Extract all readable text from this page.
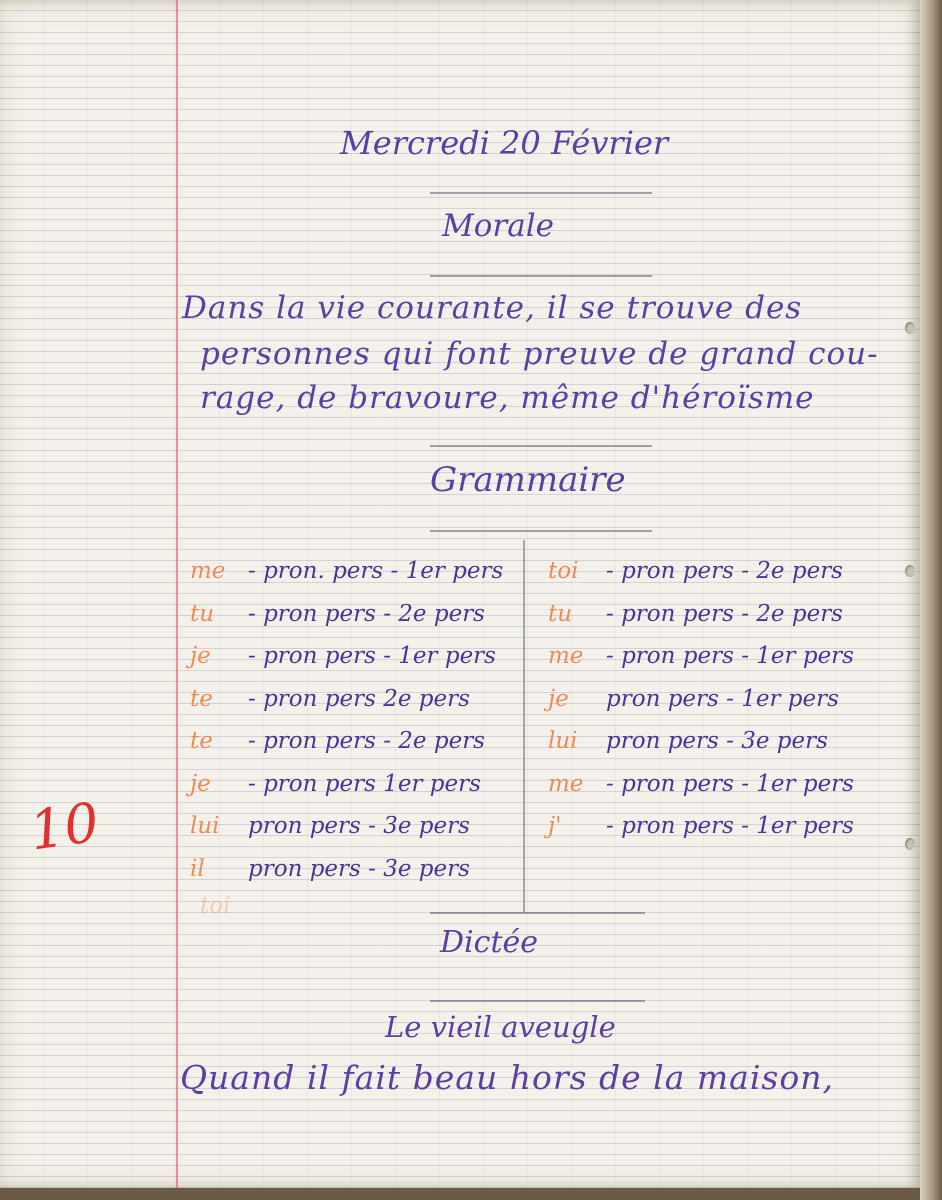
Mercredi 20 Février
Morale
Dans la vie courante, il se trouve des
personnes qui font preuve de grand cou-
rage, de bravoure, même d'héroïsme
Grammaire
me - pron. pers - 1er pers
tu - pron pers - 2e pers
je - pron pers - 1er pers
te - pron pers 2e pers
te - pron pers - 2e pers
je - pron pers 1er pers
lui pron pers - 3e pers
il pron pers - 3e pers
toi - pron pers - 2e pers
tu - pron pers - 2e pers
me - pron pers - 1er pers
je pron pers - 1er pers
lui pron pers - 3e pers
me - pron pers - 1er pers
j' - pron pers - 1er pers
toi
10
Dictée
Le vieil aveugle
Quand il fait beau hors de la maison,
